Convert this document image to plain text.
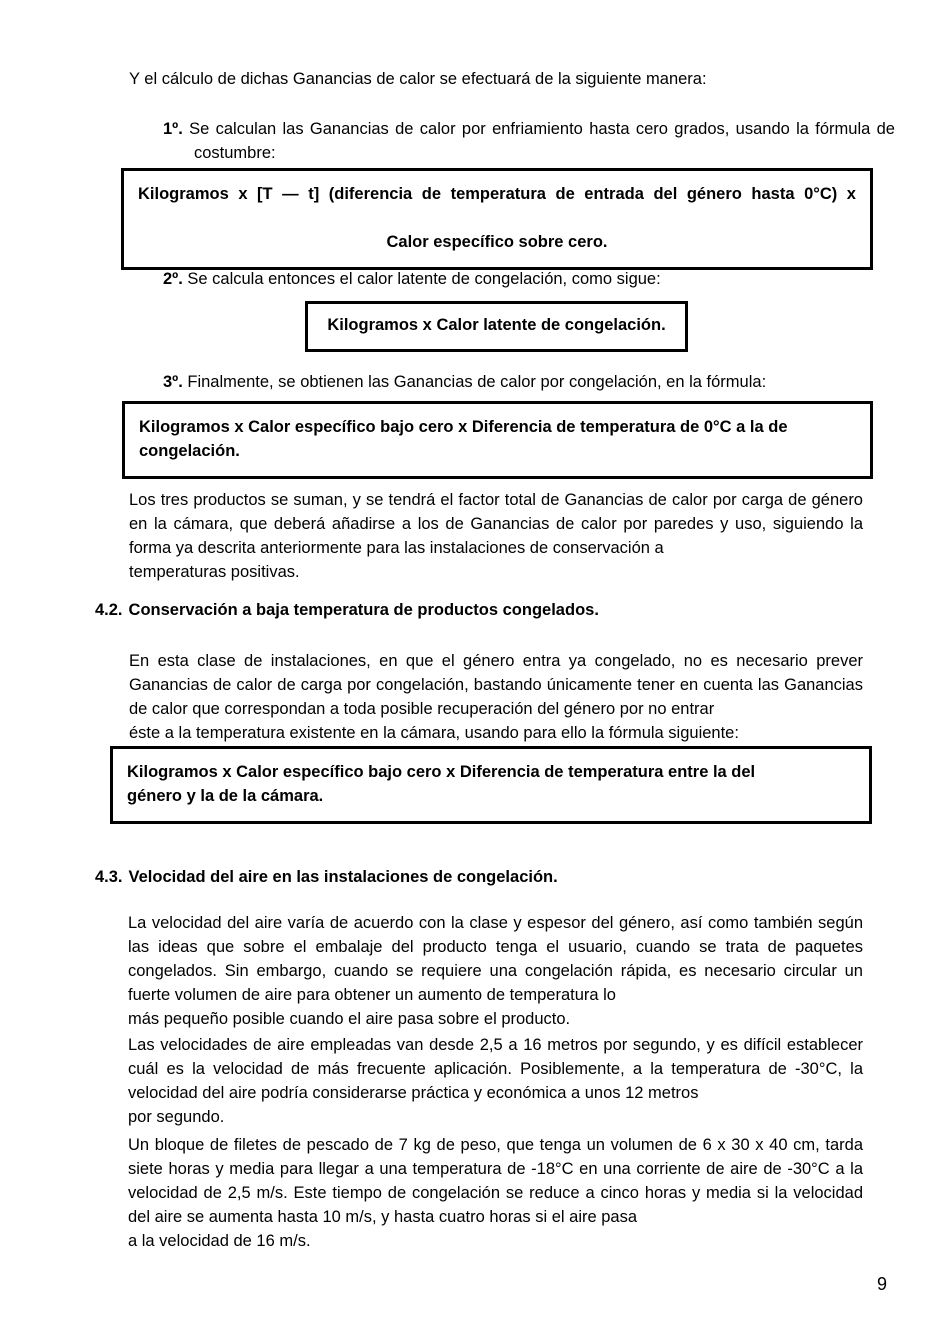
Y el cálculo de dichas Ganancias de calor se efectuará de la siguiente manera:
1º. Se calculan las Ganancias de calor por enfriamiento hasta cero grados, usando la fórmula de costumbre:
Kilogramos x [T — t] (diferencia de temperatura de entrada del género hasta 0°C) x
Calor específico sobre cero.
2º. Se calcula entonces el calor latente de congelación, como sigue:
Kilogramos x Calor latente de congelación.
3º. Finalmente, se obtienen las Ganancias de calor por congelación, en la fórmula:
Kilogramos x Calor específico bajo cero x Diferencia de temperatura de 0°C a la de
congelación.
Los tres productos se suman, y se tendrá el factor total de Ganancias de calor por carga de género en la cámara, que deberá añadirse a los de Ganancias de calor por paredes y uso, siguiendo la forma ya descrita anteriormente para las instalaciones de conservación a
temperaturas positivas.
4.2. Conservación a baja temperatura de productos congelados.
En esta clase de instalaciones, en que el género entra ya congelado, no es necesario prever Ganancias de calor de carga por congelación, bastando únicamente tener en cuenta las Ganancias de calor que correspondan a toda posible recuperación del género por no entrar
éste a la temperatura existente en la cámara, usando para ello la fórmula siguiente:
Kilogramos x Calor específico bajo cero x Diferencia de temperatura entre la del
género y la de la cámara.
4.3. Velocidad del aire en las instalaciones de congelación.
La velocidad del aire varía de acuerdo con la clase y espesor del género, así como también según las ideas que sobre el embalaje del producto tenga el usuario, cuando se trata de paquetes congelados. Sin embargo, cuando se requiere una congelación rápida, es necesario circular un fuerte volumen de aire para obtener un aumento de temperatura lo
más pequeño posible cuando el aire pasa sobre el producto.
Las velocidades de aire empleadas van desde 2,5 a 16 metros por segundo, y es difícil establecer cuál es la velocidad de más frecuente aplicación. Posiblemente, a la temperatura de -30°C, la velocidad del aire podría considerarse práctica y económica a unos 12 metros
por segundo.
Un bloque de filetes de pescado de 7 kg de peso, que tenga un volumen de 6 x 30 x 40 cm, tarda siete horas y media para llegar a una temperatura de -18°C en una corriente de aire de -30°C a la velocidad de 2,5 m/s. Este tiempo de congelación se reduce a cinco horas y media si la velocidad del aire se aumenta hasta 10 m/s, y hasta cuatro horas si el aire pasa
a la velocidad de 16 m/s.
9
